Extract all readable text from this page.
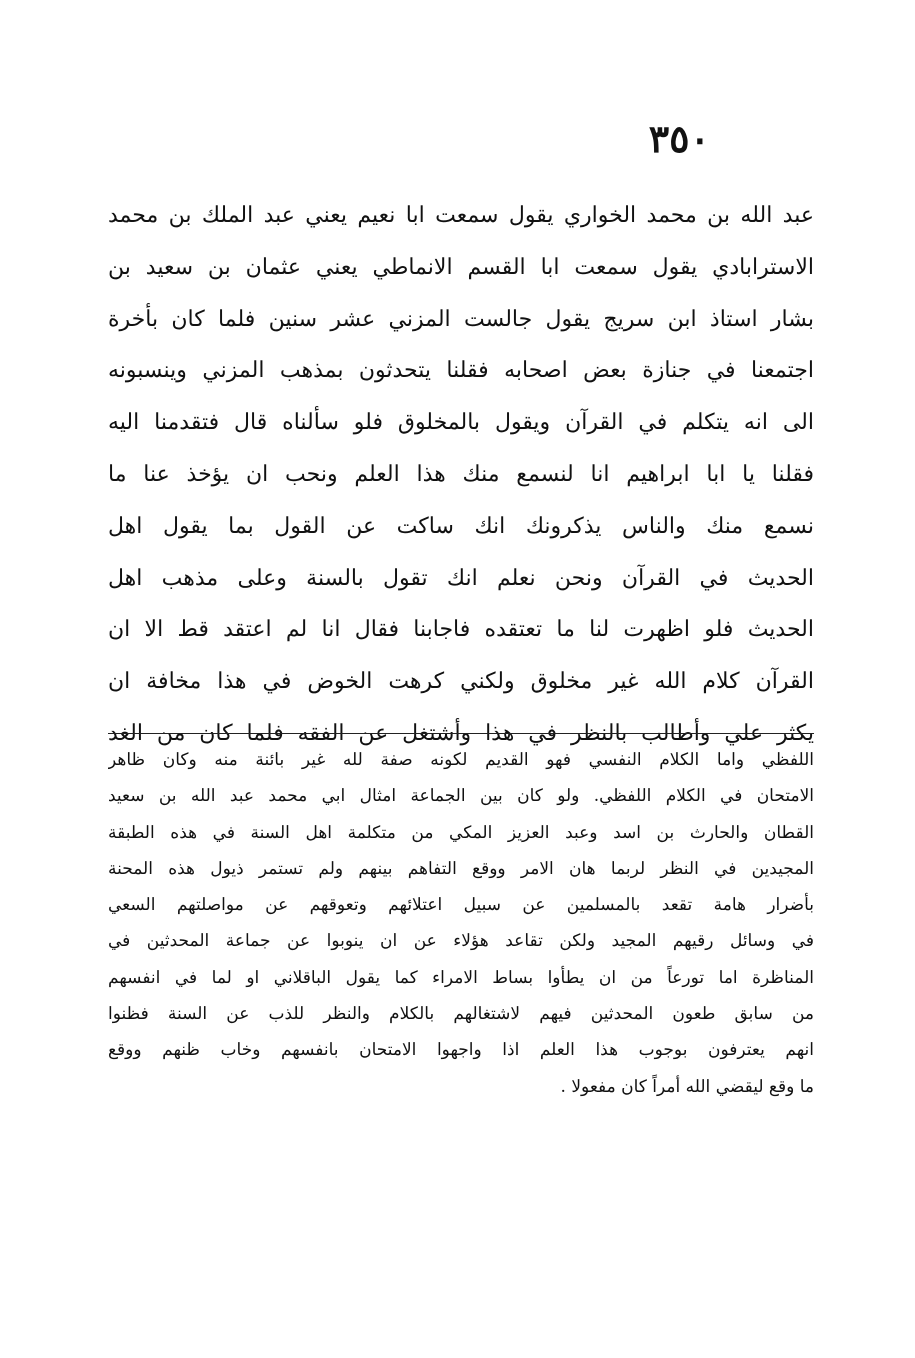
٣٥٠
عبد الله بن محمد الخواري يقول سمعت ابا نعيم يعني عبد الملك بن محمد
الاسترابادي يقول سمعت ابا القسم الانماطي يعني عثمان بن سعيد بن
بشار استاذ ابن سريج يقول جالست المزني عشر سنين فلما كان بأخرة
اجتمعنا في جنازة بعض اصحابه فقلنا يتحدثون بمذهب المزني وينسبونه
الى انه يتكلم في القرآن ويقول بالمخلوق فلو سألناه قال فتقدمنا اليه
فقلنا يا ابا ابراهيم انا لنسمع منك هذا العلم ونحب ان يؤخذ عنا ما
نسمع منك والناس يذكرونك انك ساكت عن القول بما يقول اهل
الحديث في القرآن ونحن نعلم انك تقول بالسنة وعلى مذهب اهل
الحديث فلو اظهرت لنا ما تعتقده فاجابنا فقال انا لم اعتقد قط الا ان
القرآن كلام الله غير مخلوق ولكني كرهت الخوض في هذا مخافة ان
يكثر علي وأطالب بالنظر في هذا وأشتغل عن الفقه فلما كان من الغد
اللفظي واما الكلام النفسي فهو القديم لكونه صفة لله غير بائنة منه وكان ظاهر
الامتحان في الكلام اللفظي. ولو كان بين الجماعة امثال ابي محمد عبد الله بن سعيد
القطان والحارث بن اسد وعبد العزيز المكي من متكلمة اهل السنة في هذه الطبقة
المجيدين في النظر لربما هان الامر ووقع التفاهم بينهم ولم تستمر ذيول هذه المحنة
بأضرار هامة تقعد بالمسلمين عن سبيل اعتلائهم وتعوقهم عن مواصلتهم السعي
في وسائل رقيهم المجيد ولكن تقاعد هؤلاء عن ان ينوبوا عن جماعة المحدثين في
المناظرة اما تورعاً من ان يطأوا بساط الامراء كما يقول الباقلاني او لما في انفسهم
من سابق طعون المحدثين فيهم لاشتغالهم بالكلام والنظر للذب عن السنة فظنوا
انهم يعترفون بوجوب هذا العلم اذا واجهوا الامتحان بانفسهم وخاب ظنهم ووقع
ما وقع ليقضي الله أمراً كان مفعولا .
